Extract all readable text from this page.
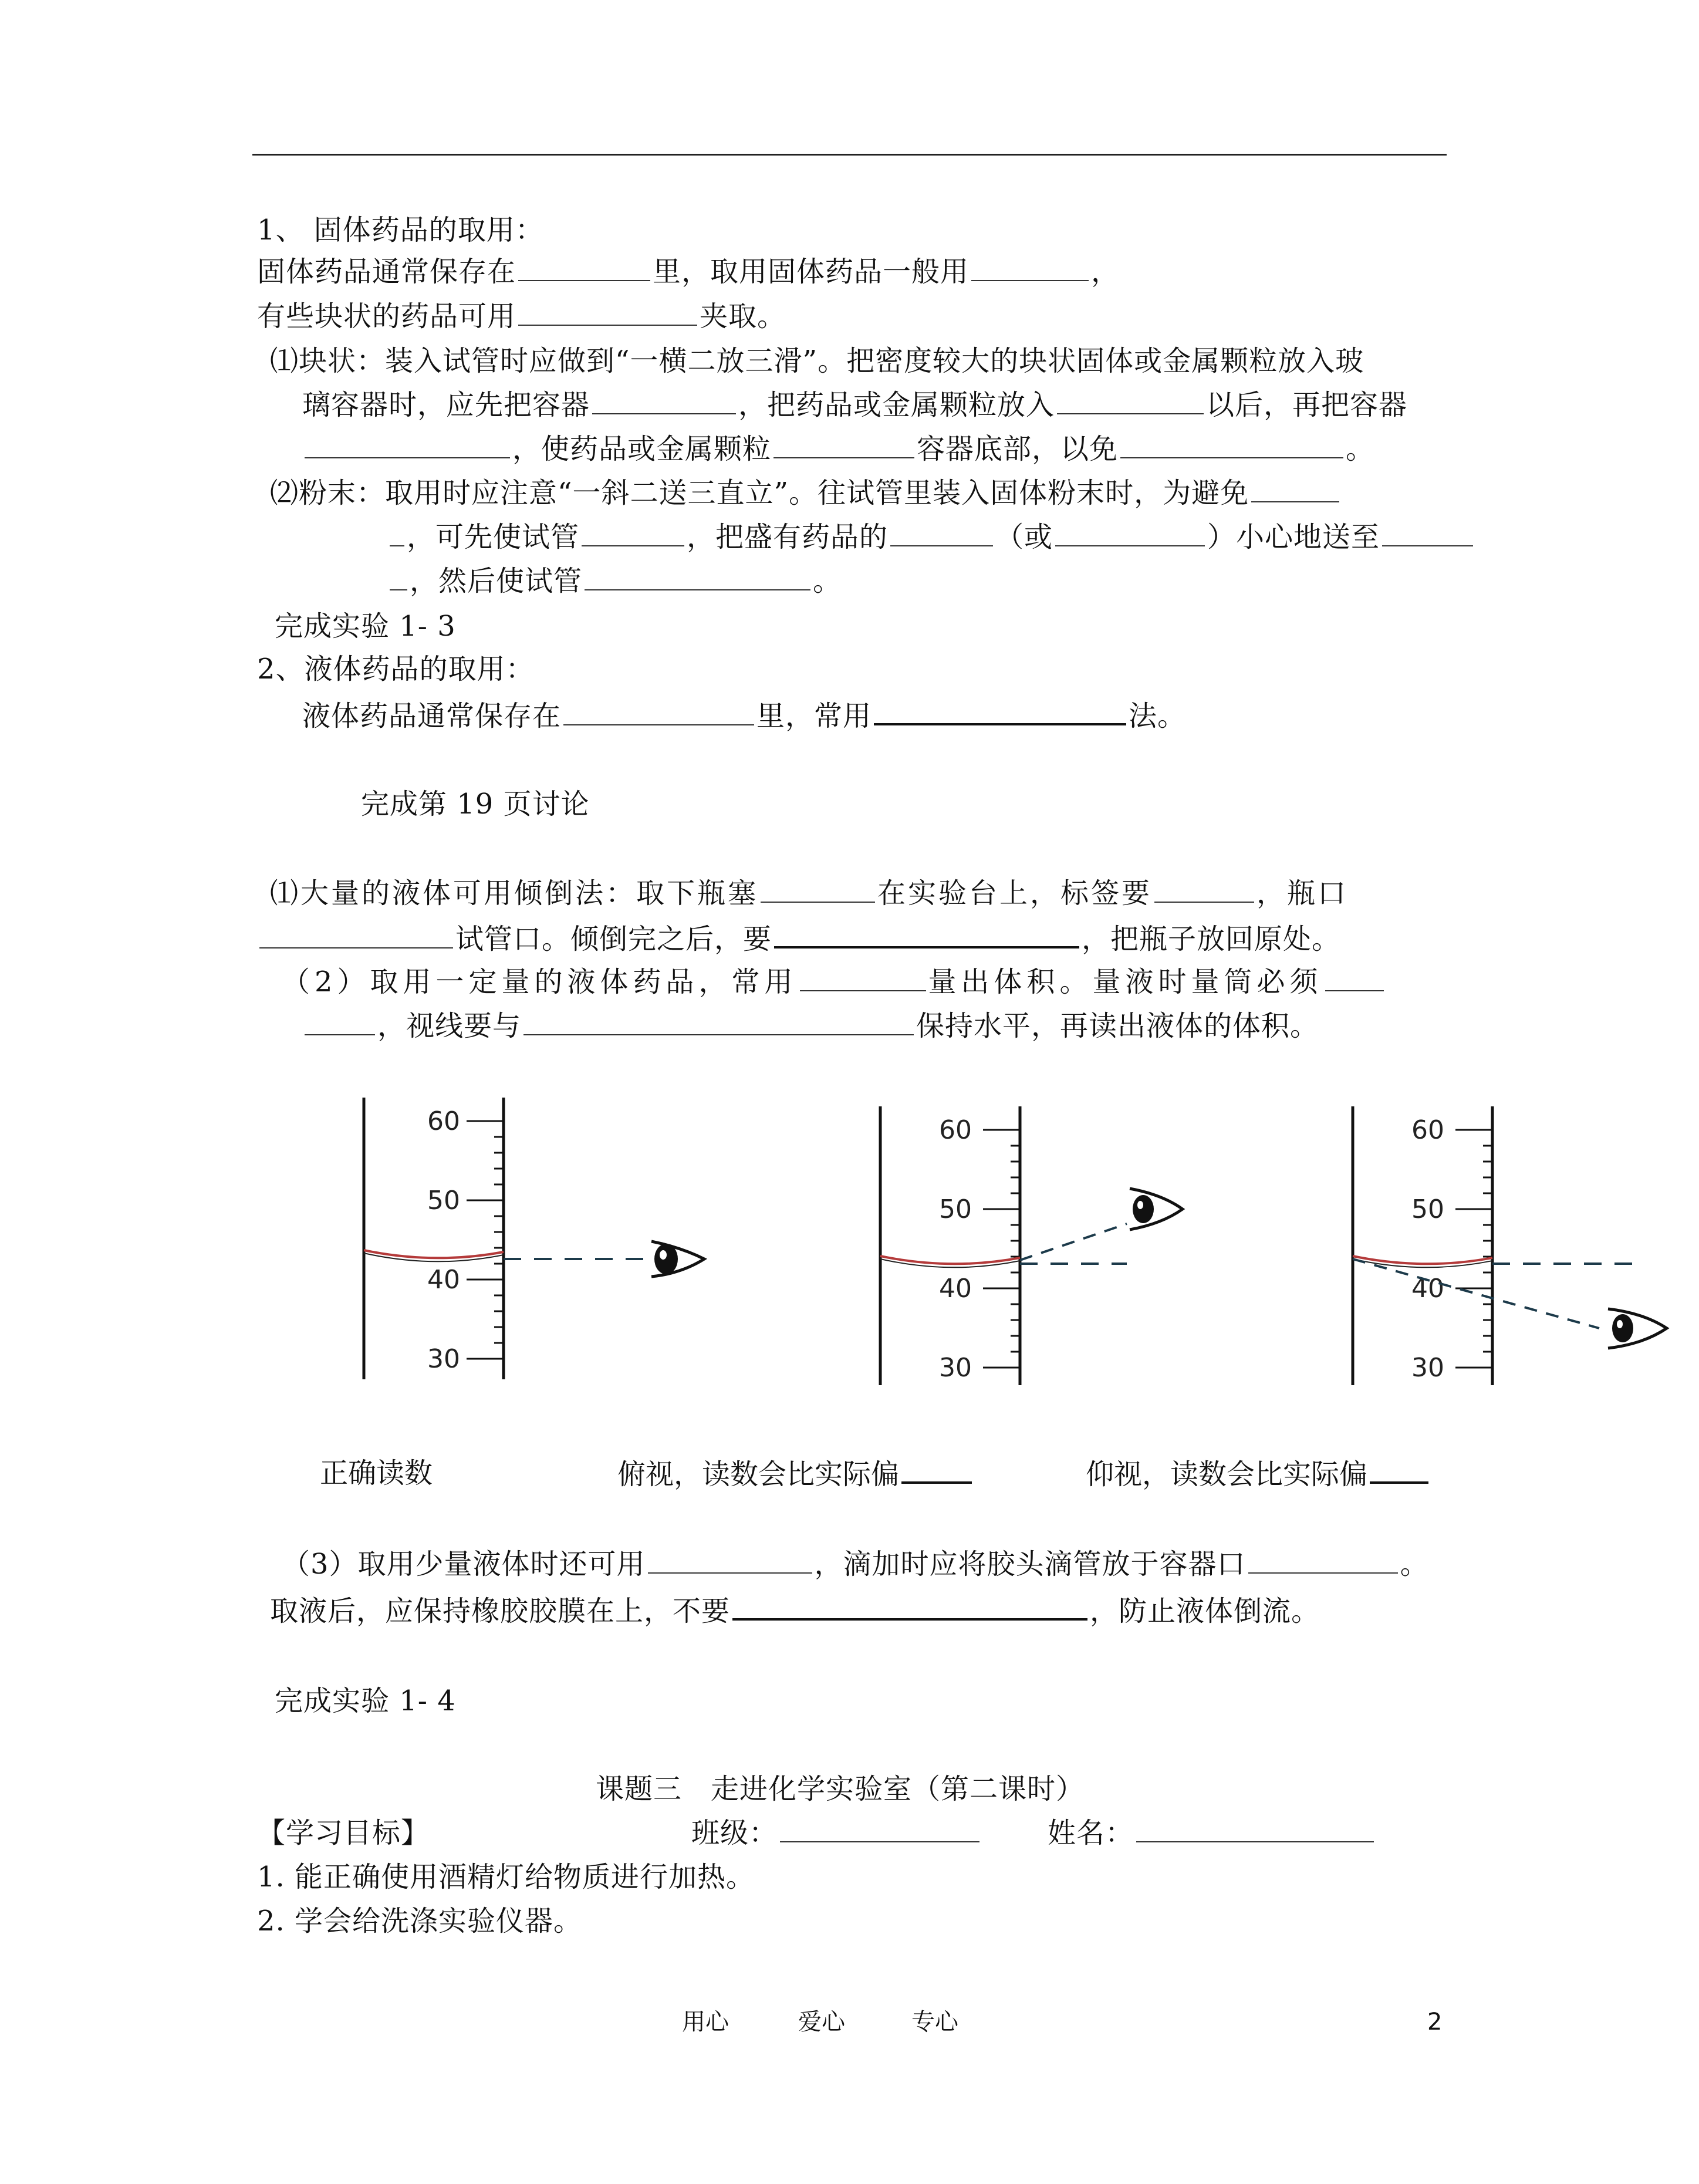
1、 固体药品的取用：
固体药品通常保存在	里，取用固体药品一般用	，
有些块状的药品可用	夹取。
⑴块状：装入试管时应做到“一横二放三滑”。把密度较大的块状固体或金属颗粒放入玻
璃容器时，应先把容器	，把药品或金属颗粒放入	以后，再把容器
，使药品或金属颗粒	容器底部，以免	。
⑵粉末：取用时应注意“一斜二送三直立”。往试管里装入固体粉末时，为避免
，可先使试管	，把盛有药品的	（或	）小心地送至
，然后使试管	。
完成实验 1- 3
2、液体药品的取用：
液体药品通常保存在	里，常用	法。
完成第 19 页讨论
⑴大量的液体可用倾倒法：取下瓶塞	在实验台上，标签要	，瓶口
试管口。倾倒完之后，要	，把瓶子放回原处。
（2）取用一定量的液体药品，常用	量出体积。量液时量筒必须
，视线要与	保持水平，再读出液体的体积。
60
50
40
30
60
50
40
30
60
50
40
30
正确读数	俯视，读数会比实际偏	仰视，读数会比实际偏
（3）取用少量液体时还可用	，滴加时应将胶头滴管放于容器口	。
取液后，应保持橡胶胶膜在上，不要	，防止液体倒流。
完成实验 1- 4
课题三　走进化学实验室（第二课时）
【学习目标】	班级：	姓名：
1. 能正确使用酒精灯给物质进行加热。
2. 学会给洗涤实验仪器。
用心	爱心	专心	2
